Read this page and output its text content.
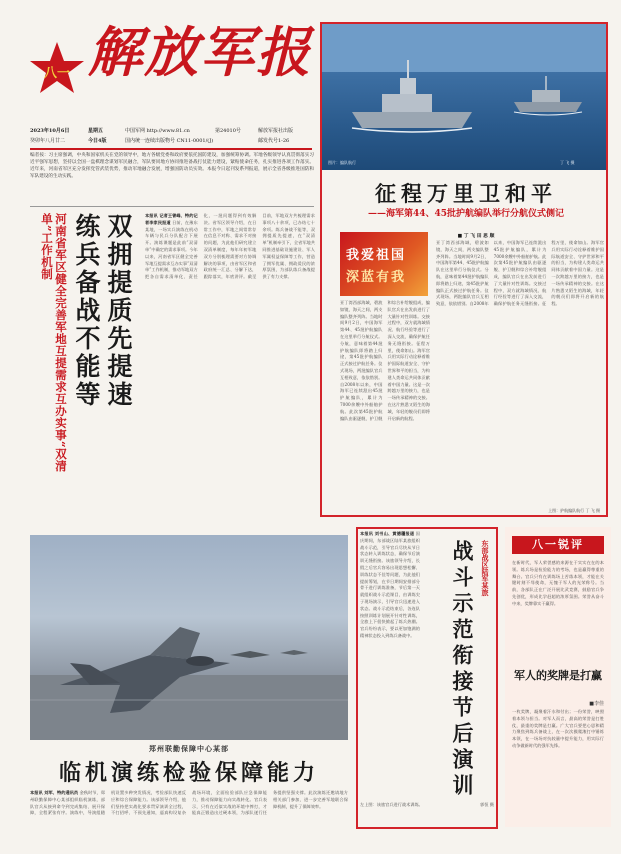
八一 解放军报
2023年10月6日	星期五	中国军网 http://www.81.cn	第24010号	解放军报社出版
癸卯年八月廿二	今日4版	国内统一连续出版物号 CN11-0001/(J)	邮发代号1-26
编者按：习主席强调，中央和国家机关在党的领导中，地方各级党委和政府要依托国防建设，加强统筹协调。军地各级领导认真贯彻落实习近平强军思想，坚持以全国一盘棋理念谋划军民融合，军队要同地方协同推进备战打仗能力建设，紧贴使命任务，扎实推进各项工作落实。近年来，河南省军区充分发挥党管武装优势，推动军地融合发展，增强国防动员实效。本报今日起刊发系列报道，展示全省各级推进国防和军队建设的生动实践。
河南省军区健全完善军地互提需求互办实事“双清单”工作机制 练兵备战不能等 双拥提质先提速	本报讯 记者王曾峰、特约记者李家民报道 日前，在豫东某地，一场实兵演练在机动车辆与民兵分队配合下展开。演练课题是此前“双清单”中确定的需求事项。今年以来，河南省军区健全完善军地互提需求互办实事“双清单”工作机制，推动军地双方把各自需求清单化、责任化，一批问题得到有效解决。省军区领导介绍，在日常工作中，军地之间常常存在信息不对称、需求不对接的问题，为此他们研究建立双清单制度，每年年初军地双方分别梳理需要对方协调解决的事项，由省军区和省政府统一汇总、分解下达，跟踪落实，年底讲评。截至目前，军地双方共梳理需求事项八十余项，已办结七十余项。练兵备战不能等，双拥提质先提速，在“双清单”机制牵引下，全省军地共同推进基础设施建设、军人军属权益保障等工作，营造了拥军优属、拥政爱民的浓厚氛围，为部队练兵备战提供了有力支撑。
征程万里卫和平
——海军第44、45批护航编队举行分航仪式侧记
我爱祖国
深蓝有我
■ 丁 飞 田 思 顺
亚丁湾西部海域，碧波如镜，海天之间，两支编队整齐列阵。当地时间9月2日，中国海军第44、45批护航编队在这里举行分航仪式。分航，意味着第44批护航编队即将踏上归途，第45批护航编队正式接过护航任务。仪式现场，两批编队官兵互相致意，依依惜别。自2008年以来，中国海军已连续派出45批护航编队，累计为7000余艘中外船舶护航。此次第45批护航编队由驱逐舰、护卫舰和综合补给舰组成，编队官兵在出发前进行了大量针对性训练。交接过程中，双方就海域情况、航行经验等进行了深入交流，确保护航任务无缝衔接。征程万里，使命如山。海军官兵用实际行动诠释着维护国际航道安全、守护世界和平的担当，为构建人类命运共同体贡献着中国力量。这是一次跨越万里的接力，也是一场传承精神的交接。在这片熟悉又陌生的海域，年轻的舰员们即将开启新的航程。
亚丁湾西部海域，碧波如镜，海天之间，两支编队整齐列阵。当地时间9月2日，中国海军第44、45批护航编队在这里举行分航仪式。分航，意味着第44批护航编队即将踏上归途，第45批护航编队正式接过护航任务。仪式现场，两批编队官兵互相致意，依依惜别。自2008年以来，中国海军已连续派出45批护航编队，累计为7000余艘中外船舶护航。此次第45批护航编队由驱逐舰、护卫舰和综合补给舰组成，编队官兵在出发前进行了大量针对性训练。交接过程中，双方就海域情况、航行经验等进行了深入交流，确保护航任务无缝衔接。征程万里，使命如山。海军官兵用实际行动诠释着维护国际航道安全、守护世界和平的担当，为构建人类命运共同体贡献着中国力量。这是一次跨越万里的接力，也是一场传承精神的交接。在这片熟悉又陌生的海域，年轻的舰员们即将开启新的航程。
上图：护航编队航行 丁 飞 摄
图片：编队航行	丁 飞 摄
郑州联勤保障中心某部
临机演练检验保障能力
本报讯 刘军、特约通讯员 金秋时节，郑州联勤保障中心某部组织临机演练，部队官兵从接到命令到完成集结、展开保障，全程紧张有序。演练中，导演组随机设置多种突发情况，考验部队快速反应和综合保障能力。该部领导介绍，他们坚持把实战化要求贯穿演训全过程，不打招呼、不预先通知，逼真构设复杂战场环境，全面检验部队应急保障能力，推动保障能力向实战转化。官兵表示，只有在近似实战的环境中摔打，才能真正锻造出过硬本领，为部队遂行任务提供坚强支撑。此次演练还邀请地方相关部门参加，进一步完善军地联合保障机制，提升了保障效率。
本报讯 刘书山、黄德疆报道 国庆期间，东部战区陆军某旅组织战斗示范，引导官兵尽快从节日状态转入训练状态，确保节后演训无缝衔接。该旅领导介绍，长假之后官兵容易出现思想松懈、训练状态不佳等问题，为此他们提前筹划，在节日期间安排部分骨干进行训练准备，节后第一天就组织战斗示范课目，由训练尖子现场演示，引导官兵迅速进入状态。战斗示范结束后，各连队按照训练计划展开针对性训练，全旅上下很快掀起了练兵热潮。官兵纷纷表示，要以更加饱满的精神状态投入到练兵备战中。
东部战区陆军某旅
战斗示范衔接节后演训
左上图：该旅官兵进行战术训练。	郭恒 摄
八一锐评
在新时代，军人荣誉感的来源在于实实在在的本领。练兵场是检验能力的考场，也是赢得尊重的舞台。官兵只有在训练场上苦练本领，才能在关键时刻不辱使命，无愧于军人的光荣称号。当前，各部队正在广泛开展比武竞赛，鼓励官兵争先创优，形成比学赶超的浓厚氛围。荣誉从奋斗中来，奖牌靠实干赢得。
军人的奖牌是打赢
■李佳
一枚奖牌，凝聚着汗水和付出；一份荣誉，映照着本领与担当。对军人而言，最高的荣誉是打胜仗，最重的奖牌是打赢。广大官兵要把心思和精力聚焦到练兵备战上，在一次次摸爬滚打中锤炼本领，在一场场对抗较量中提升能力，用实际行动争做新时代的强军先锋。
